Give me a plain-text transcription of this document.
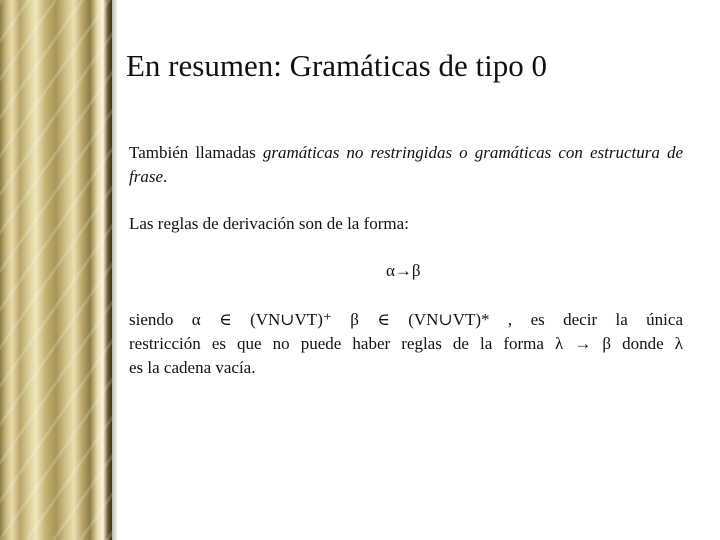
En resumen: Gramáticas de tipo 0
También llamadas gramáticas no restringidas o gramáticas con estructura de frase.
Las reglas de derivación son de la forma:
α→β
siendo α ∈ (VN∪VT)⁺ β ∈ (VN∪VT)* , es decir la única
restricción es que no puede haber reglas de la forma λ → β donde λ
es la cadena vacía.
